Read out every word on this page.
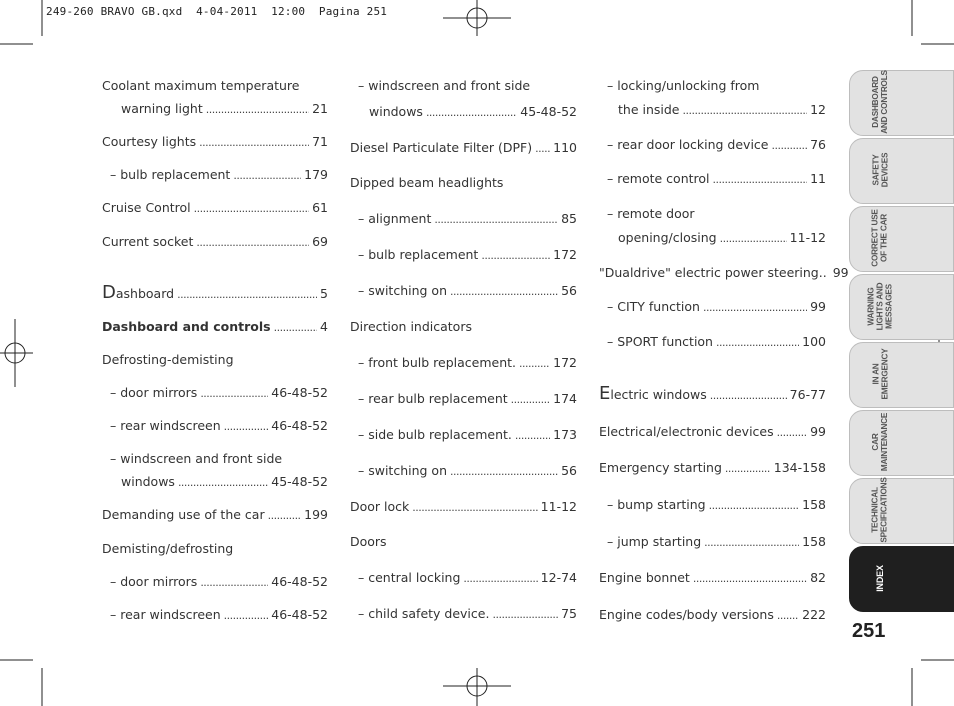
249-260 BRAVO GB.qxd  4-04-2011  12:00  Pagina 251
Coolant maximum temperature
warning light .....	21
Courtesy lights .....	71
– bulb replacement .....	179
Cruise Control .....	61
Current socket .....	69
Dashboard .....	5
Dashboard and controls .....	4
Defrosting-demisting
– door mirrors .....	46-48-52
– rear windscreen .....	46-48-52
– windscreen and front side
windows .....	45-48-52
Demanding use of the car .....	199
Demisting/defrosting
– door mirrors .....	46-48-52
– rear windscreen .....	46-48-52
– windscreen and front side
windows .....	45-48-52
Diesel Particulate Filter (DPF) ..... 110
Dipped beam headlights
– alignment .....	85
– bulb replacement .....	172
– switching on .....	56
Direction indicators
– front bulb replacement. .....	172
– rear bulb replacement .....	174
– side bulb replacement. .....	173
– switching on .....	56
Door lock .....	11-12
Doors
– central locking .....	12-74
– child safety device. .....	75
– locking/unlocking from
the inside .....	12
– rear door locking device .....	76
– remote control .....	11
– remote door
opening/closing .....	11-12
"Dualdrive" electric power steering.. 99
– CITY function .....	99
– SPORT function .....	100
Electric windows .....	76-77
Electrical/electronic devices .....	99
Emergency starting .....	134-158
– bump starting .....	158
– jump starting .....	158
Engine bonnet .....	82
Engine codes/body versions ..... 222
DASHBOARD
AND CONTROLS
SAFETY
DEVICES
CORRECT USE
OF THE CAR
WARNING
LIGHTS AND
MESSAGES
IN AN
EMERGENCY
CAR
MAINTENANCE
TECHNICAL
SPECIFICATIONS
INDEX
251
